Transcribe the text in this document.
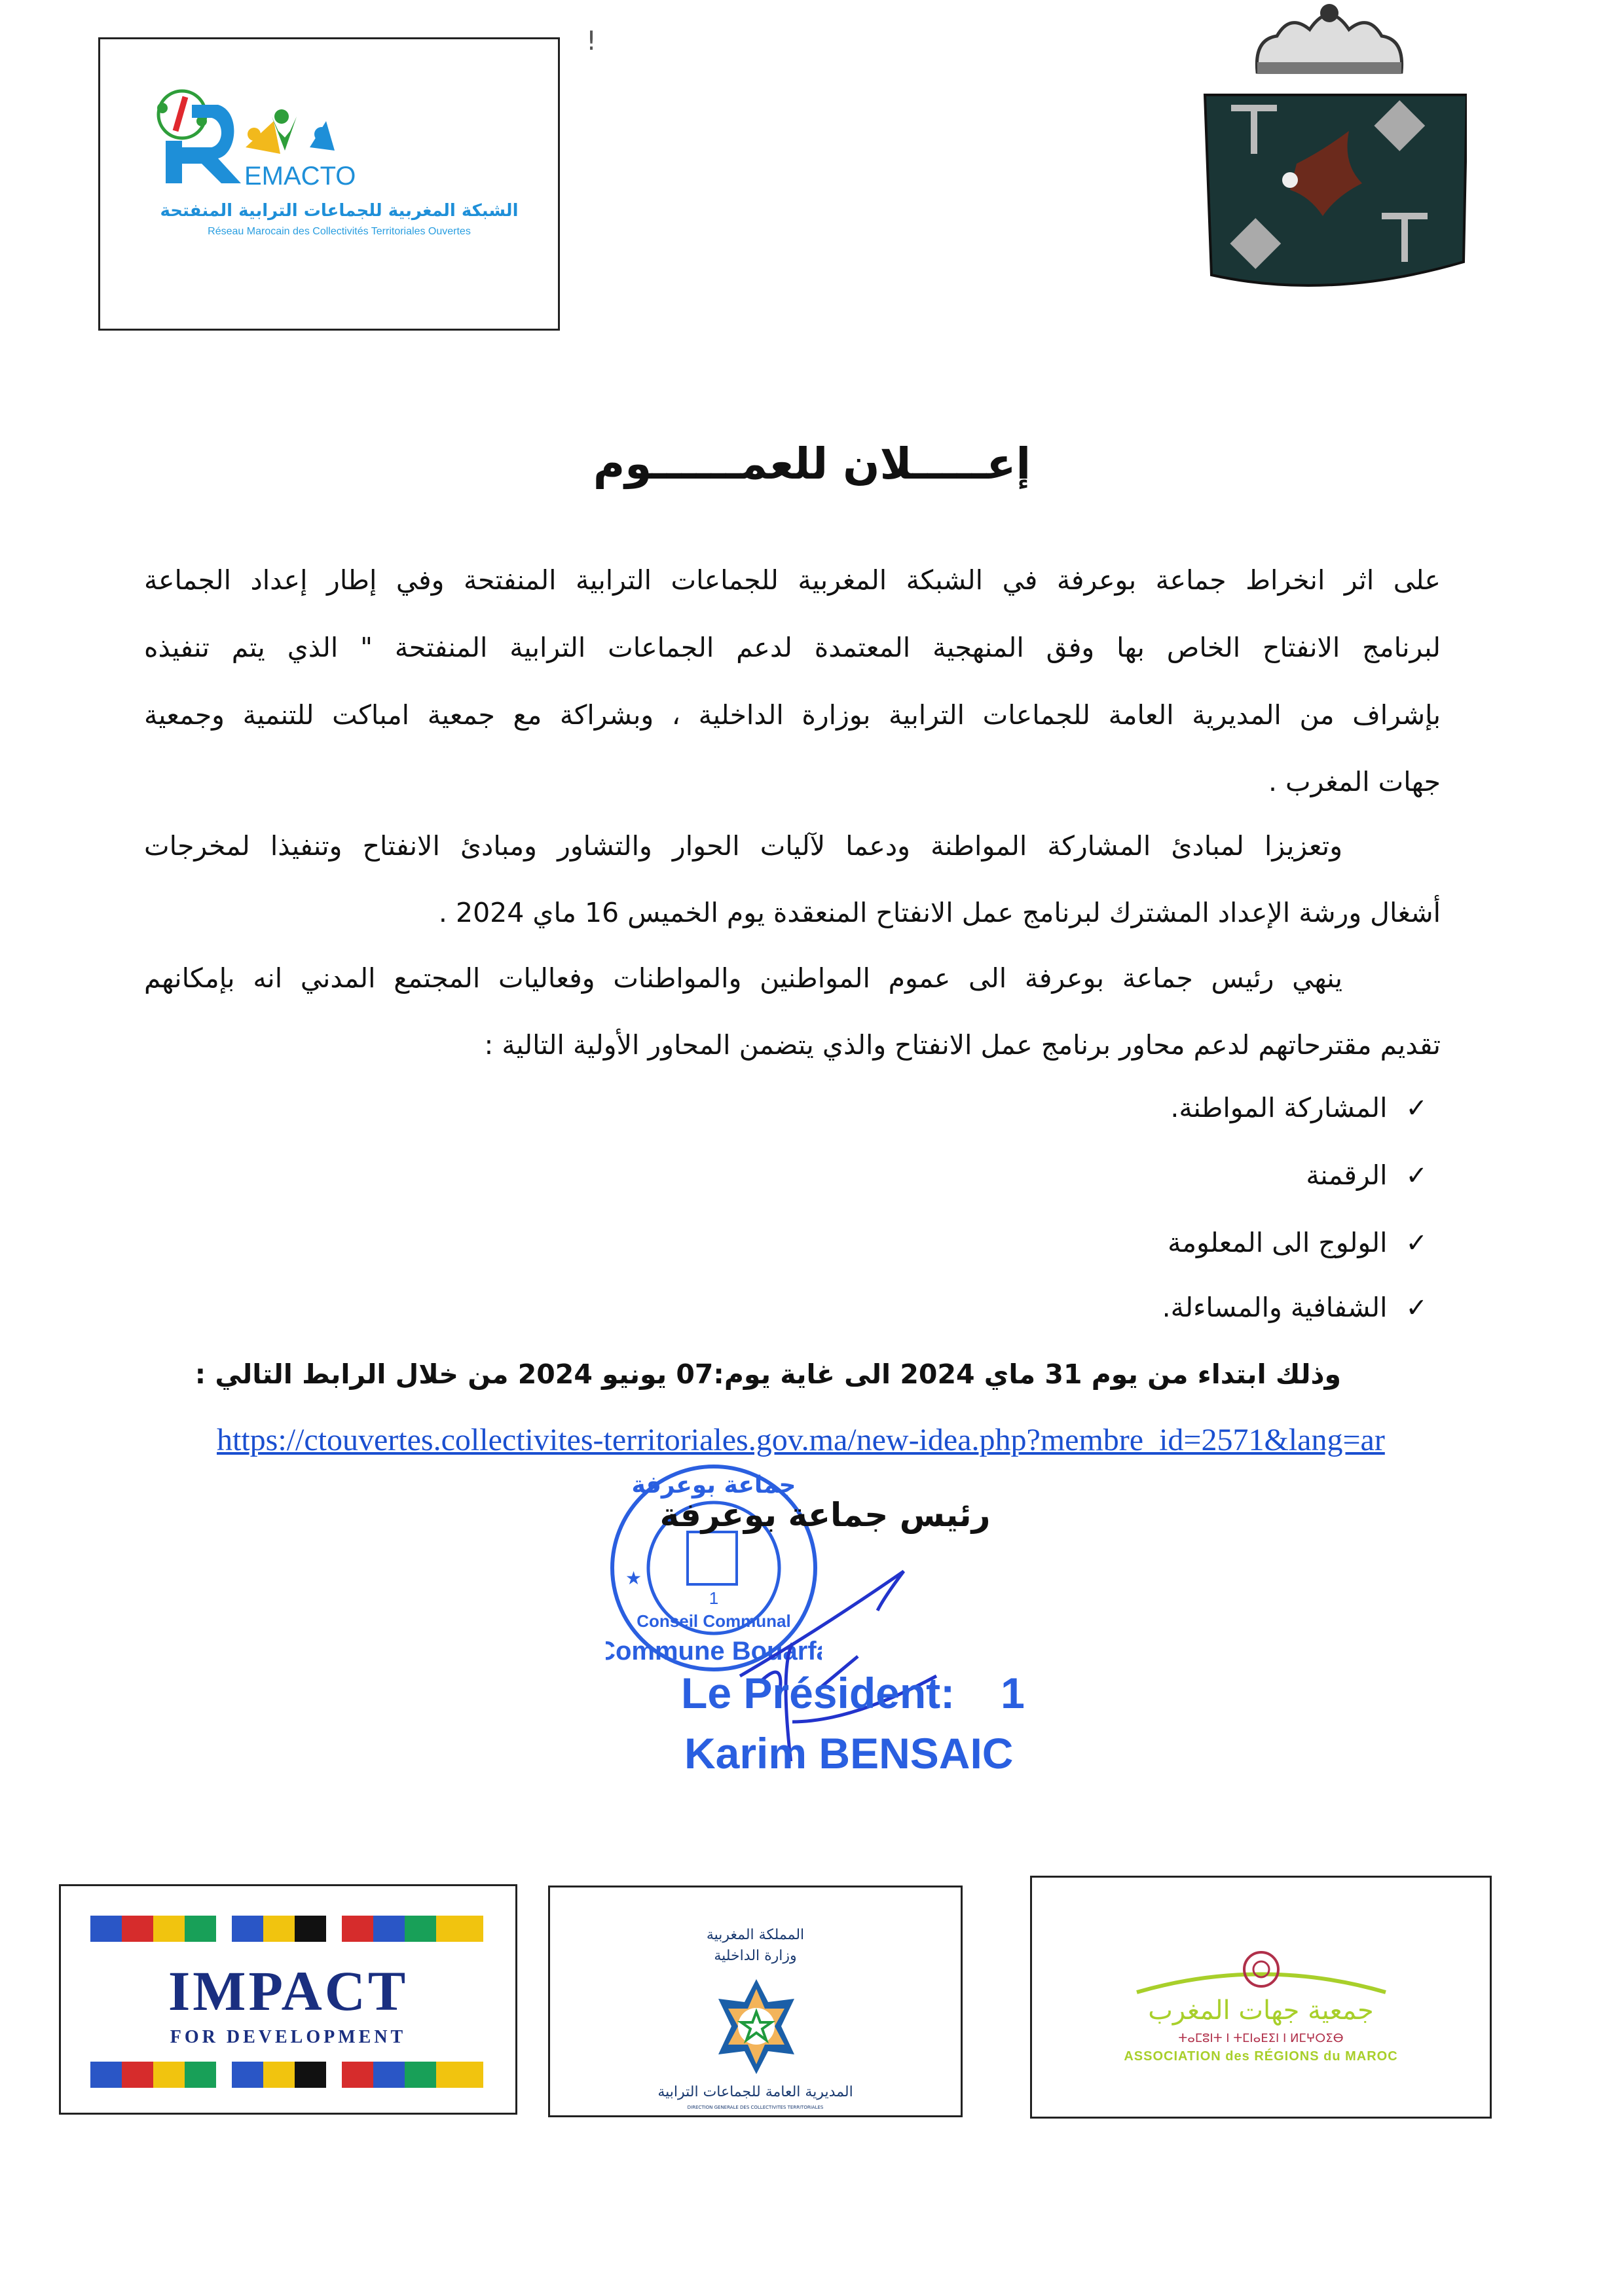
EMACTO
الشبكة المغربية للجماعات الترابية المنفتحة
Réseau Marocain des Collectivités Territoriales Ouvertes
!
إعـــــلان للعمــــــوم
على اثر انخراط جماعة بوعرفة في الشبكة المغربية للجماعات الترابية المنفتحة وفي إطار إعداد الجماعة
لبرنامج الانفتاح الخاص بها وفق المنهجية المعتمدة لدعم الجماعات الترابية المنفتحة " الذي يتم تنفيذه
بإشراف من المديرية العامة للجماعات الترابية بوزارة الداخلية ، وبشراكة مع جمعية امباكت للتنمية وجمعية
جهات المغرب .
وتعزيزا لمبادئ المشاركة المواطنة ودعما لآليات الحوار والتشاور ومبادئ الانفتاح وتنفيذا لمخرجات
أشغال ورشة الإعداد المشترك لبرنامج عمل الانفتاح المنعقدة يوم الخميس 16 ماي 2024 .
ينهي رئيس جماعة بوعرفة الى عموم المواطنين والمواطنات وفعاليات المجتمع المدني انه بإمكانهم
تقديم مقترحاتهم لدعم محاور برنامج عمل الانفتاح والذي يتضمن المحاور الأولية التالية :
✓المشاركة المواطنة.
✓الرقمنة
✓الولوج الى المعلومة
✓الشفافية والمساءلة.
وذلك ابتداء من يوم 31 ماي 2024 الى غاية يوم:07 يونيو 2024 من خلال الرابط التالي :
https://ctouvertes.collectivites-territoriales.gov.ma/new-idea.php?membre_id=2571&lang=ar
★
1
Conseil Communal
Commune Bouarfa
جماعة بوعرفة
رئيس جماعة بوعرفة
Le Président: 1
Karim BENSAIC
IMPACT
FOR DEVELOPMENT
المملكة المغربية
وزارة الداخلية
المديرية العامة للجماعات الترابية
DIRECTION GENERALE DES COLLECTIVITES TERRITORIALES
جمعية جهات المغرب
ⵜⴰⵎⵓⵏⵜ ⵏ ⵜⵎⵏⴰⴹⵉⵏ ⵏ ⵍⵎⵖⵔⵉⴱ
ASSOCIATION des RÉGIONS du MAROC
